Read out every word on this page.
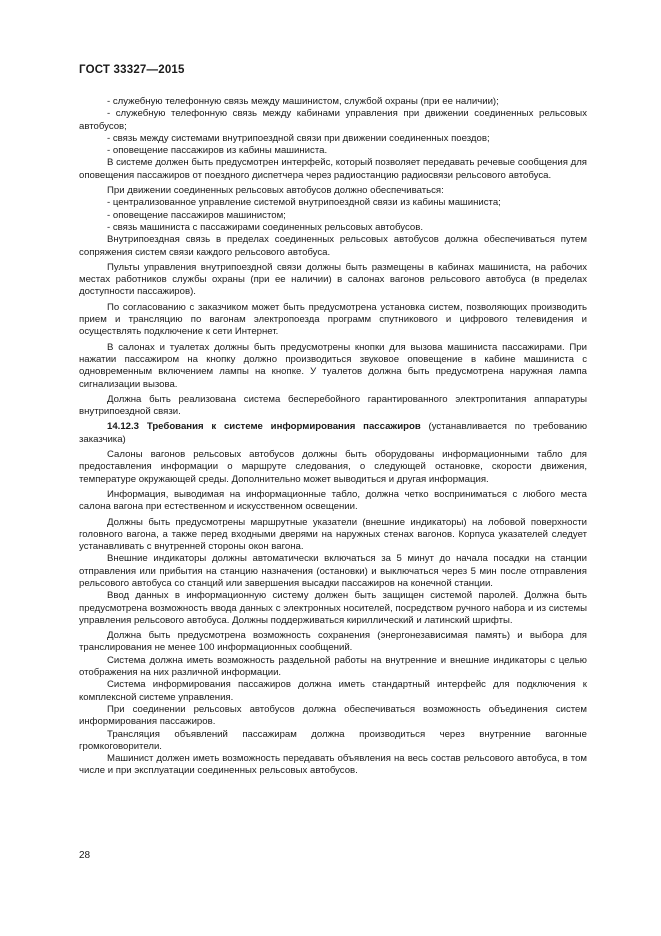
ГОСТ 33327—2015

- служебную телефонную связь между машинистом, службой охраны (при ее наличии);

- служебную телефонную связь между кабинами управления при движении соединенных рельсовых автобусов;

- связь между системами внутрипоездной связи при движении соединенных поездов;

- оповещение пассажиров из кабины машиниста.

В системе должен быть предусмотрен интерфейс, который позволяет передавать речевые сообщения для оповещения пассажиров от поездного диспетчера через радиостанцию радиосвязи рельсового автобуса.

При движении соединенных рельсовых автобусов должно обеспечиваться:

- централизованное управление системой внутрипоездной связи из кабины машиниста;

- оповещение пассажиров машинистом;

- связь машиниста с пассажирами соединенных рельсовых автобусов.

Внутрипоездная связь в пределах соединенных рельсовых автобусов должна обеспечиваться путем сопряжения систем связи каждого рельсового автобуса.

Пульты управления внутрипоездной связи должны быть размещены в кабинах машиниста, на рабочих местах работников службы охраны (при ее наличии) в салонах вагонов рельсового автобуса (в пределах доступности пассажиров).

По согласованию с заказчиком может быть предусмотрена установка систем, позволяющих производить прием и трансляцию по вагонам электропоезда программ спутникового и цифрового телевидения и осуществлять подключение к сети Интернет.

В салонах и туалетах должны быть предусмотрены кнопки для вызова машиниста пассажирами. При нажатии пассажиром на кнопку должно производиться звуковое оповещение в кабине машиниста с одновременным включением лампы на кнопке. У туалетов должна быть предусмотрена наружная лампа сигнализации вызова.

Должна быть реализована система бесперебойного гарантированного электропитания аппаратуры внутрипоездной связи.

14.12.3 Требования к системе информирования пассажиров (устанавливается по требованию заказчика)

Салоны вагонов рельсовых автобусов должны быть оборудованы информационными табло для предоставления информации о маршруте следования, о следующей остановке, скорости движения, температуре окружающей среды. Дополнительно может выводиться и другая информация.

Информация, выводимая на информационные табло, должна четко восприниматься с любого места салона вагона при естественном и искусственном освещении.

Должны быть предусмотрены маршрутные указатели (внешние индикаторы) на лобовой поверхности головного вагона, а также перед входными дверями на наружных стенах вагонов. Корпуса указателей следует устанавливать с внутренней стороны окон вагона.

Внешние индикаторы должны автоматически включаться за 5 минут до начала посадки на станции отправления или прибытия на станцию назначения (остановки) и выключаться через 5 мин после отправления рельсового автобуса со станций или завершения высадки пассажиров на конечной станции.

Ввод данных в информационную систему должен быть защищен системой паролей. Должна быть предусмотрена возможность ввода данных с электронных носителей, посредством ручного набора и из системы управления рельсового автобуса. Должны поддерживаться кириллический и латинский шрифты.

Должна быть предусмотрена возможность сохранения (энергонезависимая память) и выбора для транслирования не менее 100 информационных сообщений.

Система должна иметь возможность раздельной работы на внутренние и внешние индикаторы с целью отображения на них различной информации.

Система информирования пассажиров должна иметь стандартный интерфейс для подключения к комплексной системе управления.

При соединении рельсовых автобусов должна обеспечиваться возможность объединения систем информирования пассажиров.

Трансляция объявлений пассажирам должна производиться через внутренние вагонные громкоговорители.

Машинист должен иметь возможность передавать объявления на весь состав рельсового автобуса, в том числе и при эксплуатации соединенных рельсовых автобусов.

28
